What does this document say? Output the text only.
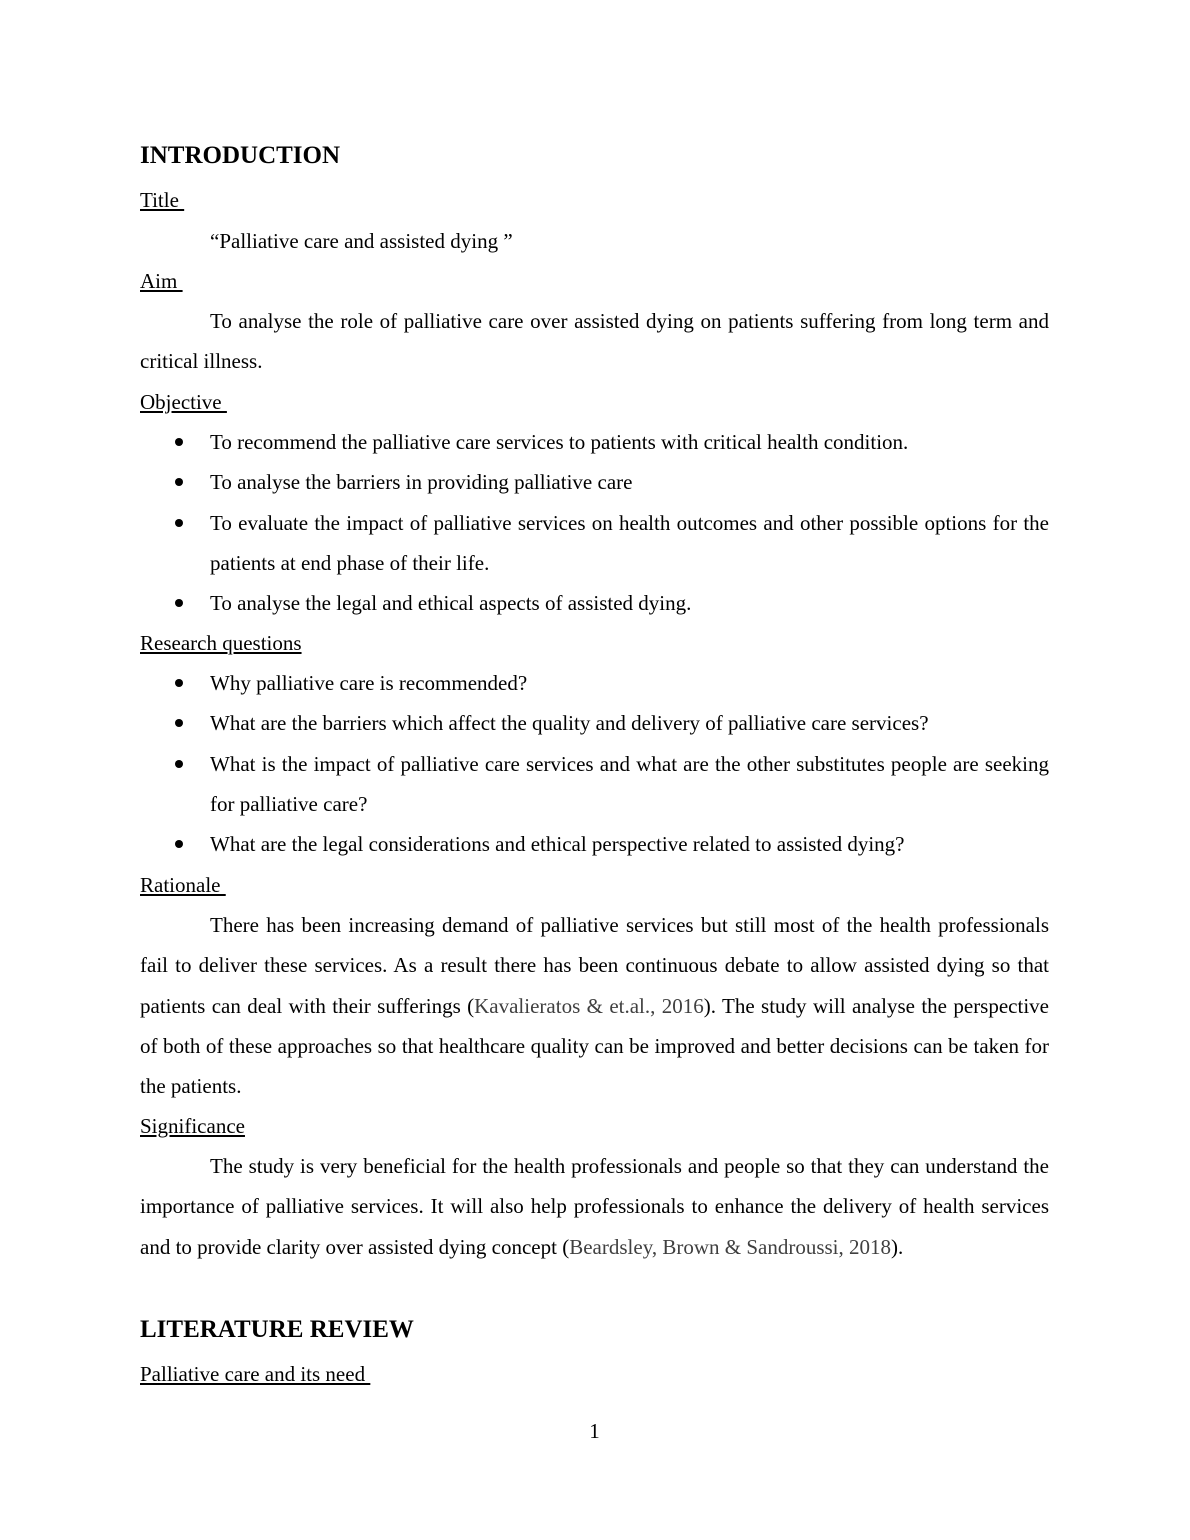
INTRODUCTION
Title

“Palliative care and assisted dying ”

Aim

To analyse the role of palliative care over assisted dying on patients suffering from long term and critical illness.

Objective
To recommend the palliative care services to patients with critical health condition.
To analyse the barriers in providing palliative care
To evaluate the impact of palliative services on health outcomes and other possible options for the patients at end phase of their life.
To analyse the legal and ethical aspects of assisted dying.
Research questions
Why palliative care is recommended?
What are the barriers which affect the quality and delivery of palliative care services?
What is the impact of palliative care services and what are the other substitutes people are seeking for palliative care?
What are the legal considerations and ethical perspective related to assisted dying?
Rationale

There has been increasing demand of palliative services but still most of the health professionals fail to deliver these services. As a result there has been continuous debate to allow assisted dying so that patients can deal with their sufferings (Kavalieratos & et.al., 2016). The study will analyse the perspective of both of these approaches so that healthcare quality can be improved and better decisions can be taken for the patients.

Significance

The study is very beneficial for the health professionals and people so that they can understand the importance of palliative services. It will also help professionals to enhance the delivery of health services and to provide clarity over assisted dying concept (Beardsley, Brown & Sandroussi, 2018).

LITERATURE REVIEW
Palliative care and its need
1
